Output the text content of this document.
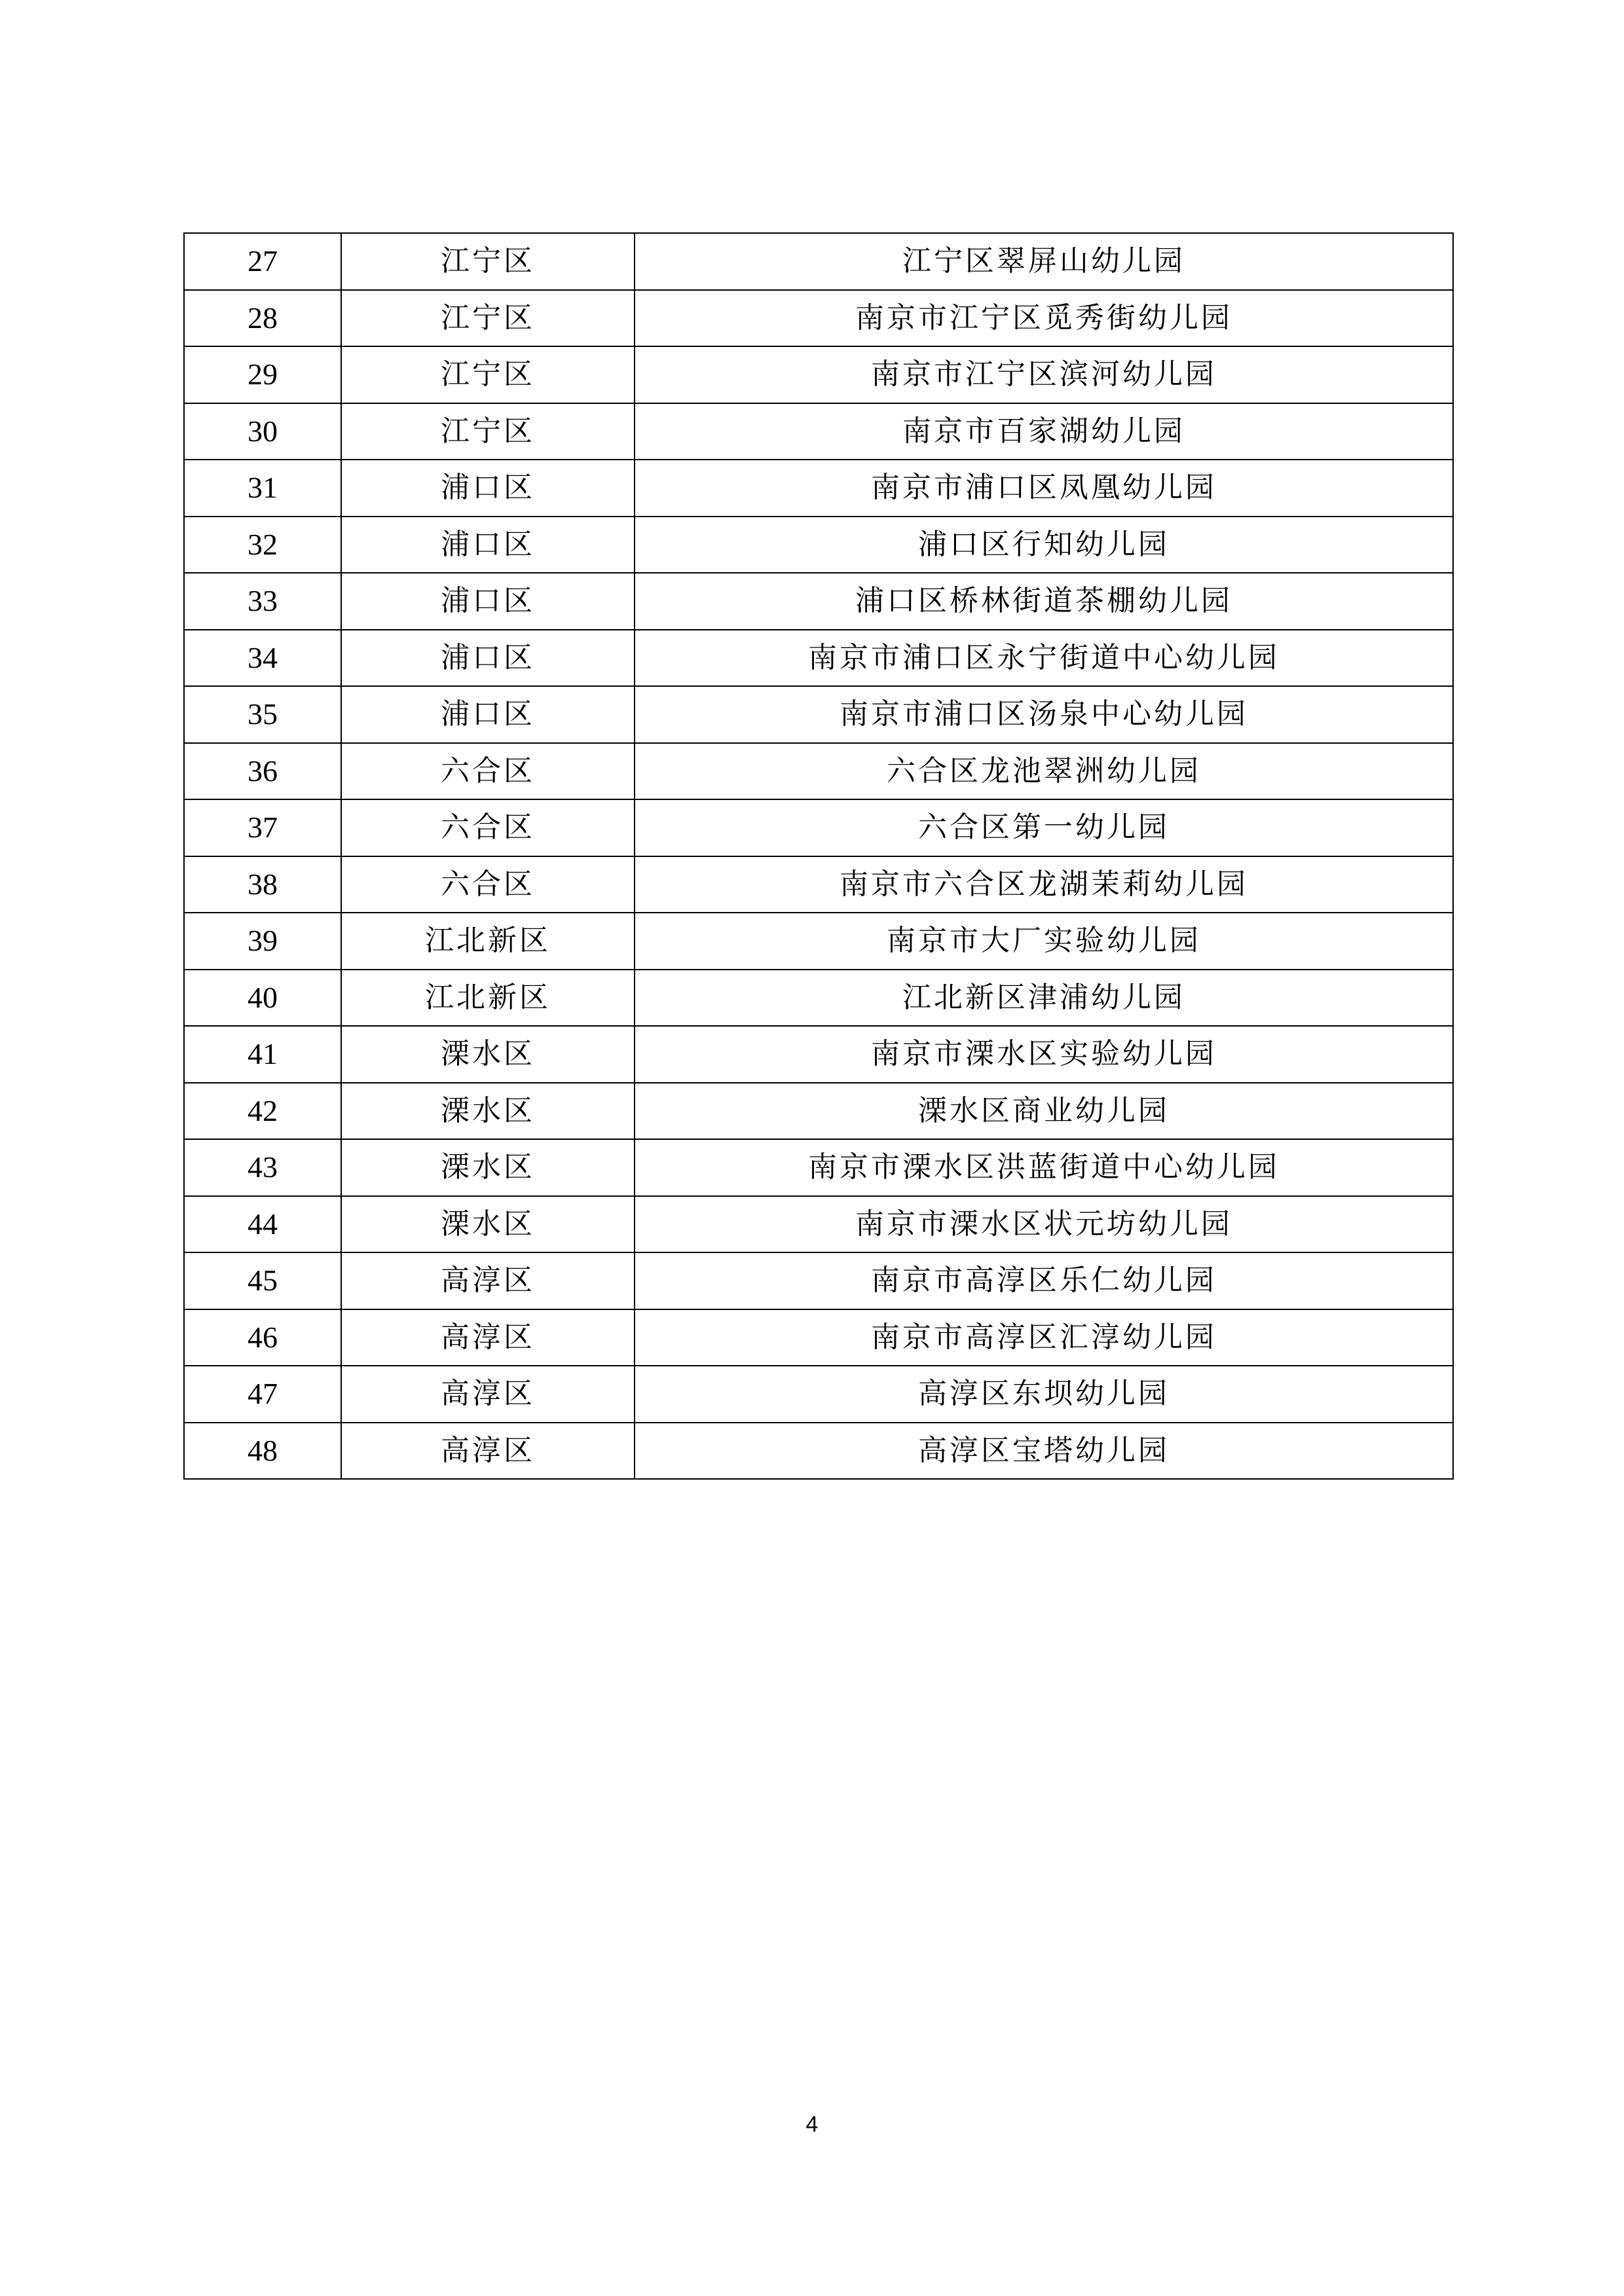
27	江宁区	江宁区翠屏山幼儿园
28	江宁区	南京市江宁区觅秀街幼儿园
29	江宁区	南京市江宁区滨河幼儿园
30	江宁区	南京市百家湖幼儿园
31	浦口区	南京市浦口区凤凰幼儿园
32	浦口区	浦口区行知幼儿园
33	浦口区	浦口区桥林街道茶棚幼儿园
34	浦口区	南京市浦口区永宁街道中心幼儿园
35	浦口区	南京市浦口区汤泉中心幼儿园
36	六合区	六合区龙池翠洲幼儿园
37	六合区	六合区第一幼儿园
38	六合区	南京市六合区龙湖茉莉幼儿园
39	江北新区	南京市大厂实验幼儿园
40	江北新区	江北新区津浦幼儿园
41	溧水区	南京市溧水区实验幼儿园
42	溧水区	溧水区商业幼儿园
43	溧水区	南京市溧水区洪蓝街道中心幼儿园
44	溧水区	南京市溧水区状元坊幼儿园
45	高淳区	南京市高淳区乐仁幼儿园
46	高淳区	南京市高淳区汇淳幼儿园
47	高淳区	高淳区东坝幼儿园
48	高淳区	高淳区宝塔幼儿园
4
